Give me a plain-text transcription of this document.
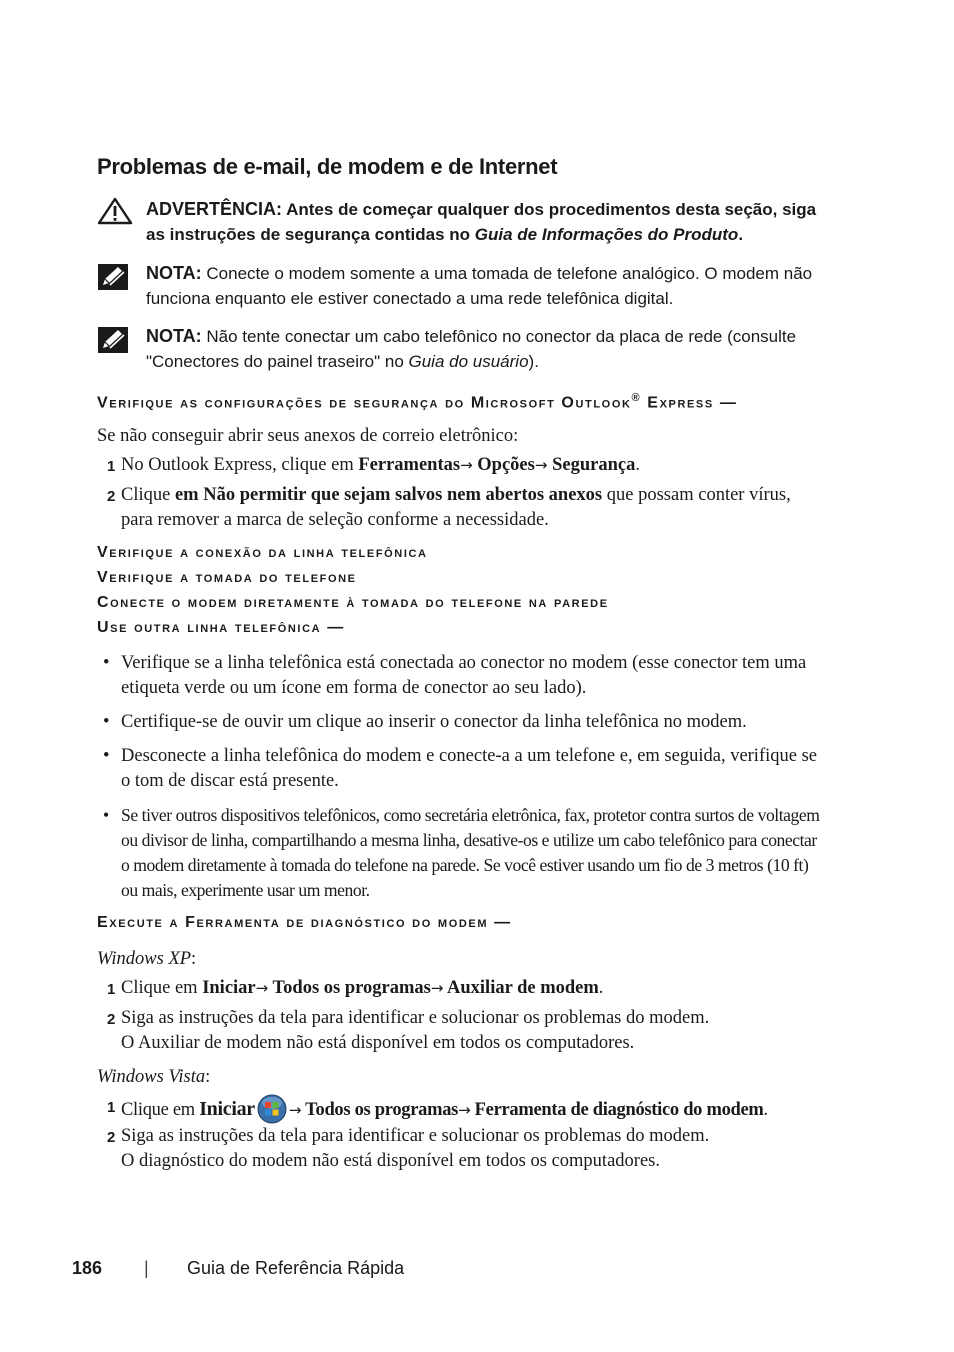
Problemas de e-mail, de modem e de Internet
ADVERTÊNCIA: Antes de começar qualquer dos procedimentos desta seção, siga as instruções de segurança contidas no Guia de Informações do Produto.
NOTA: Conecte o modem somente a uma tomada de telefone analógico. O modem não funciona enquanto ele estiver conectado a uma rede telefônica digital.
NOTA: Não tente conectar um cabo telefônico no conector da placa de rede (consulte "Conectores do painel traseiro" no Guia do usuário).
Verifique as configurações de segurança do Microsoft Outlook® Express —
Se não conseguir abrir seus anexos de correio eletrônico:
1 No Outlook Express, clique em Ferramentas→ Opções→ Segurança.
2 Clique em Não permitir que sejam salvos nem abertos anexos que possam conter vírus, para remover a marca de seleção conforme a necessidade.
Verifique a conexão da linha telefônica
Verifique a tomada do telefone
Conecte o modem diretamente à tomada do telefone na parede
Use outra linha telefônica —
• Verifique se a linha telefônica está conectada ao conector no modem (esse conector tem uma etiqueta verde ou um ícone em forma de conector ao seu lado).
• Certifique-se de ouvir um clique ao inserir o conector da linha telefônica no modem.
• Desconecte a linha telefônica do modem e conecte-a a um telefone e, em seguida, verifique se o tom de discar está presente.
• Se tiver outros dispositivos telefônicos, como secretária eletrônica, fax, protetor contra surtos de voltagem ou divisor de linha, compartilhando a mesma linha, desative-os e utilize um cabo telefônico para conectar o modem diretamente à tomada do telefone na parede. Se você estiver usando um fio de 3 metros (10 ft) ou mais, experimente usar um menor.
Execute a Ferramenta de diagnóstico do modem —
Windows XP:
1 Clique em Iniciar→ Todos os programas→ Auxiliar de modem.
2 Siga as instruções da tela para identificar e solucionar os problemas do modem.
O Auxiliar de modem não está disponível em todos os computadores.
Windows Vista:
1 Clique em Iniciar → Todos os programas→ Ferramenta de diagnóstico do modem.
2 Siga as instruções da tela para identificar e solucionar os problemas do modem.
O diagnóstico do modem não está disponível em todos os computadores.
186 | Guia de Referência Rápida
